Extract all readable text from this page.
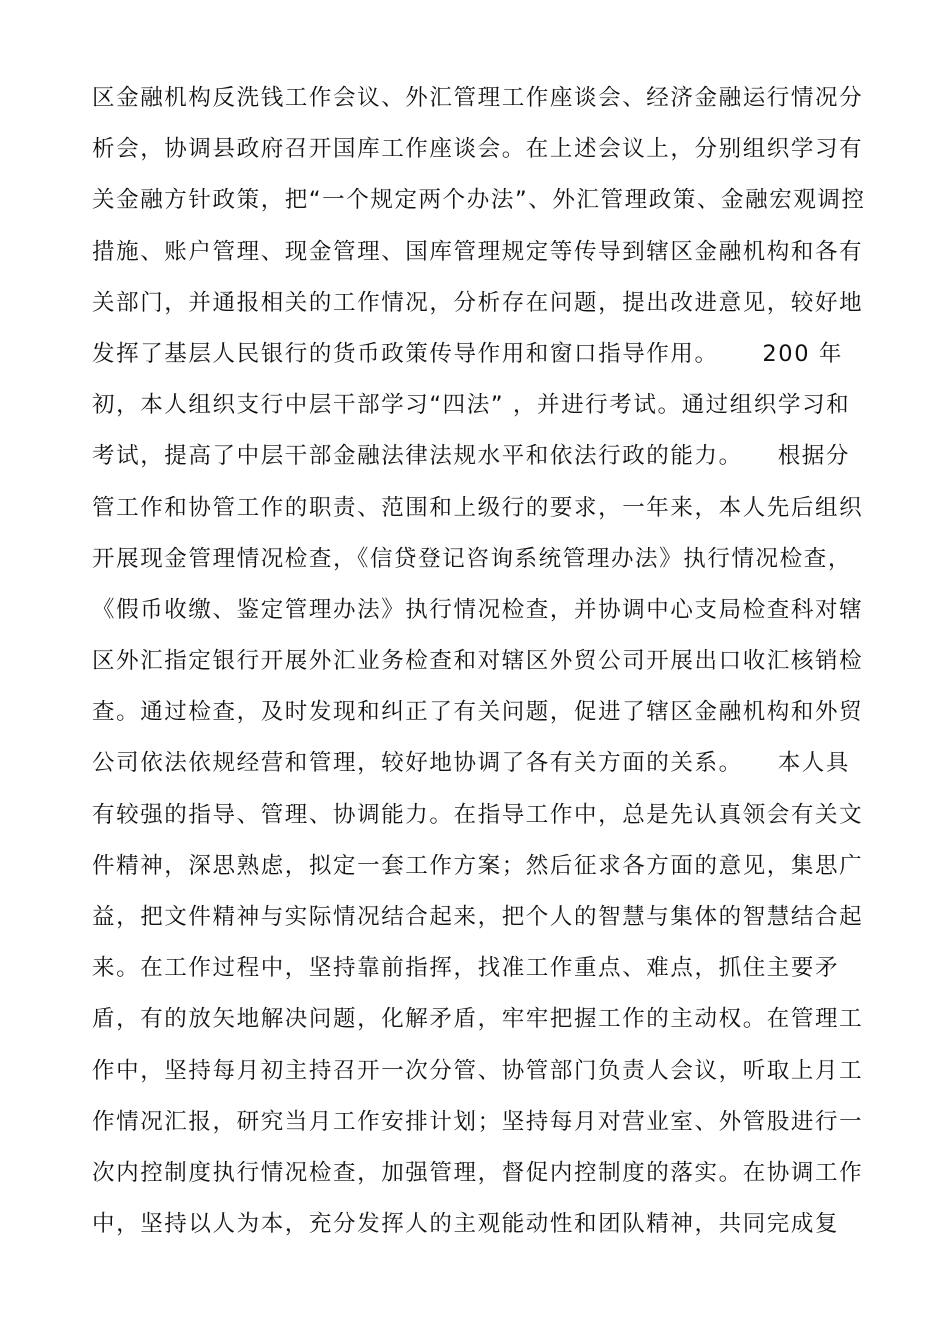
区金融机构反洗钱工作会议、外汇管理工作座谈会、经济金融运行情况分
析会，协调县政府召开国库工作座谈会。在上述会议上，分别组织学习有
关金融方针政策，把“一个规定两个办法”、外汇管理政策、金融宏观调控
措施、账户管理、现金管理、国库管理规定等传导到辖区金融机构和各有
关部门，并通报相关的工作情况，分析存在问题，提出改进意见，较好地
发挥了基层人民银行的货币政策传导作用和窗口指导作用。     200 年
初，本人组织支行中层干部学习“四法” ，并进行考试。通过组织学习和
考试，提高了中层干部金融法律法规水平和依法行政的能力。    根据分
管工作和协管工作的职责、范围和上级行的要求，一年来，本人先后组织
开展现金管理情况检查，《信贷登记咨询系统管理办法》执行情况检查，
《假币收缴、鉴定管理办法》执行情况检查，并协调中心支局检查科对辖
区外汇指定银行开展外汇业务检查和对辖区外贸公司开展出口收汇核销检
查。通过检查，及时发现和纠正了有关问题，促进了辖区金融机构和外贸
公司依法依规经营和管理，较好地协调了各有关方面的关系。    本人具
有较强的指导、管理、协调能力。在指导工作中，总是先认真领会有关文
件精神，深思熟虑，拟定一套工作方案；然后征求各方面的意见，集思广
益，把文件精神与实际情况结合起来，把个人的智慧与集体的智慧结合起
来。在工作过程中，坚持靠前指挥，找准工作重点、难点，抓住主要矛
盾，有的放矢地解决问题，化解矛盾，牢牢把握工作的主动权。在管理工
作中，坚持每月初主持召开一次分管、协管部门负责人会议，听取上月工
作情况汇报，研究当月工作安排计划；坚持每月对营业室、外管股进行一
次内控制度执行情况检查，加强管理，督促内控制度的落实。在协调工作
中，坚持以人为本，充分发挥人的主观能动性和团队精神，共同完成复
